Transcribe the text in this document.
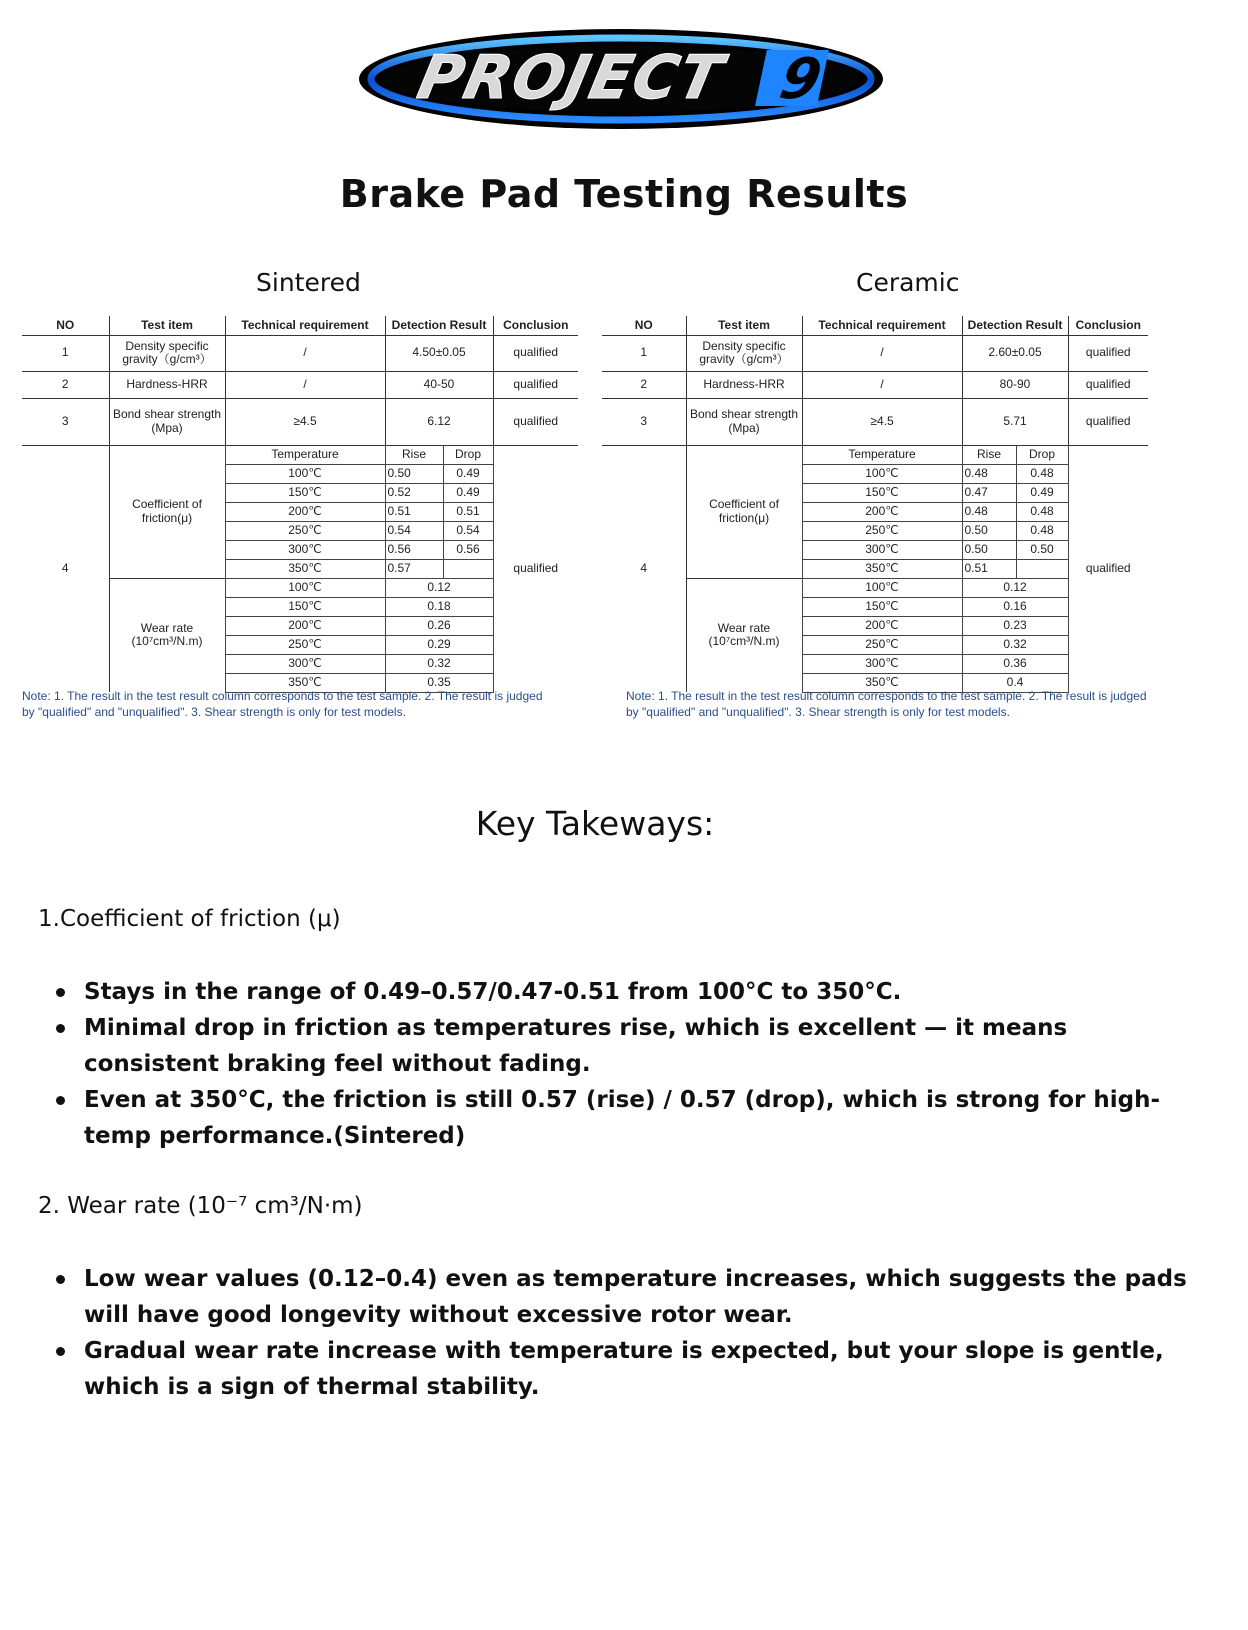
PROJECT 9
Brake Pad Testing Results
Sintered	Ceramic
NO	Test item	Technical requirement	Detection Result		Conclusion
1	Density specific
gravity（g/cm³）	/	4.50±0.05		qualified
2	Hardness-HRR	/	40-50		qualified
3	Bond shear strength
(Mpa)	≥4.5	6.12		qualified
4	Coefficient of
friction(μ)	Temperature	Rise	Drop	qualified
		100℃	0.50	0.49	
		150℃	0.52	0.49	
		200℃	0.51	0.51	
		250℃	0.54	0.54	
		300℃	0.56	0.56	
		350℃	0.57		

	Wear rate
(10⁷cm³/N.m)	100℃	0.12		
		150℃	0.18		
		200℃	0.26		
		250℃	0.29		
		300℃	0.32		
		350℃	0.35		
Note: 1. The result in the test result column corresponds to the test sample. 2. The result is judged
by "qualified" and "unqualified". 3. Shear strength is only for test models.
NO	Test item	Technical requirement	Detection Result		Conclusion
1	Density specific
gravity（g/cm³）	/	2.60±0.05		qualified
2	Hardness-HRR	/	80-90		qualified
3	Bond shear strength
(Mpa)	≥4.5	5.71		qualified
4	Coefficient of
friction(μ)	Temperature	Rise	Drop	qualified
		100℃	0.48	0.48	
		150℃	0.47	0.49	
		200℃	0.48	0.48	
		250℃	0.50	0.48	
		300℃	0.50	0.50	
		350℃	0.51		

	Wear rate
(10⁷cm³/N.m)	100℃	0.12		
		150℃	0.16		
		200℃	0.23		
		250℃	0.32		
		300℃	0.36		
		350℃	0.4		
Note: 1. The result in the test result column corresponds to the test sample. 2. The result is judged
by "qualified" and "unqualified". 3. Shear strength is only for test models.
Key Takeways:
1.Coefficient of friction (μ)
Stays in the range of 0.49–0.57/0.47-0.51 from 100°C to 350°C.
Minimal drop in friction as temperatures rise, which is excellent — it means consistent braking feel without fading.
Even at 350°C, the friction is still 0.57 (rise) / 0.57 (drop), which is strong for high-temp performance.(Sintered)
2. Wear rate (10⁻⁷ cm³/N·m)
Low wear values (0.12–0.4) even as temperature increases, which suggests the pads will have good longevity without excessive rotor wear.
Gradual wear rate increase with temperature is expected, but your slope is gentle, which is a sign of thermal stability.
